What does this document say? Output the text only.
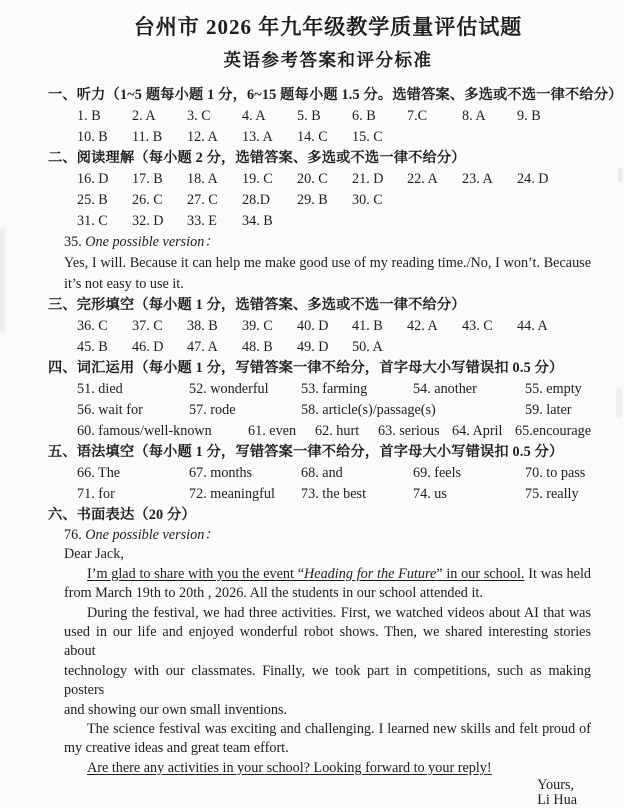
台州市 2026 年九年级教学质量评估试题
英语参考答案和评分标准
一、听力（1~5 题每小题 1 分，6~15 题每小题 1.5 分。选错答案、多选或不选一律不给分）
1. B 2. A 3. C 4. A 5. B 6. B 7.C 8. A 9. B
10. B 11. B 12. A 13. A 14. C 15. C
二、阅读理解（每小题 2 分，选错答案、多选或不选一律不给分）
16. D 17. B 18. A 19. C 20. C 21. D 22. A 23. A 24. D
25. B 26. C 27. C 28.D 29. B 30. C
31. C 32. D 33. E 34. B
35. One possible version：
Yes, I will. Because it can help me make good use of my reading time./No, I won’t. Because
it’s not easy to use it.
三、完形填空（每小题 1 分，选错答案、多选或不选一律不给分）
36. C 37. C 38. B 39. C 40. D 41. B 42. A 43. C 44. A
45. B 46. D 47. A 48. B 49. D 50. A
四、词汇运用（每小题 1 分，写错答案一律不给分，首字母大小写错误扣 0.5 分）
51. died	52. wonderful 53. farming	54. another	55. empty
56. wait for	57. rode	58. article(s)/passage(s)	59. later
60. famous/well-known	61. even 62. hurt 63. serious 64. April 65.encourage
五、语法填空（每小题 1 分，写错答案一律不给分，首字母大小写错误扣 0.5 分）
66. The	67. months	68. and	69. feels	70. to pass
71. for	72. meaningful 73. the best	74. us	75. really
六、书面表达（20 分）
76. One possible version：
Dear Jack,
I’m glad to share with you the event “Heading for the Future” in our school. It was held
from March 19th to 20th , 2026. All the students in our school attended it.
During the festival, we had three activities. First, we watched videos about AI that was
used in our life and enjoyed wonderful robot shows. Then, we shared interesting stories about
technology with our classmates. Finally, we took part in competitions, such as making posters
and showing our own small inventions.
The science festival was exciting and challenging. I learned new skills and felt proud of
my creative ideas and great team effort.
Are there any activities in your school? Looking forward to your reply!
Yours,
Li Hua
